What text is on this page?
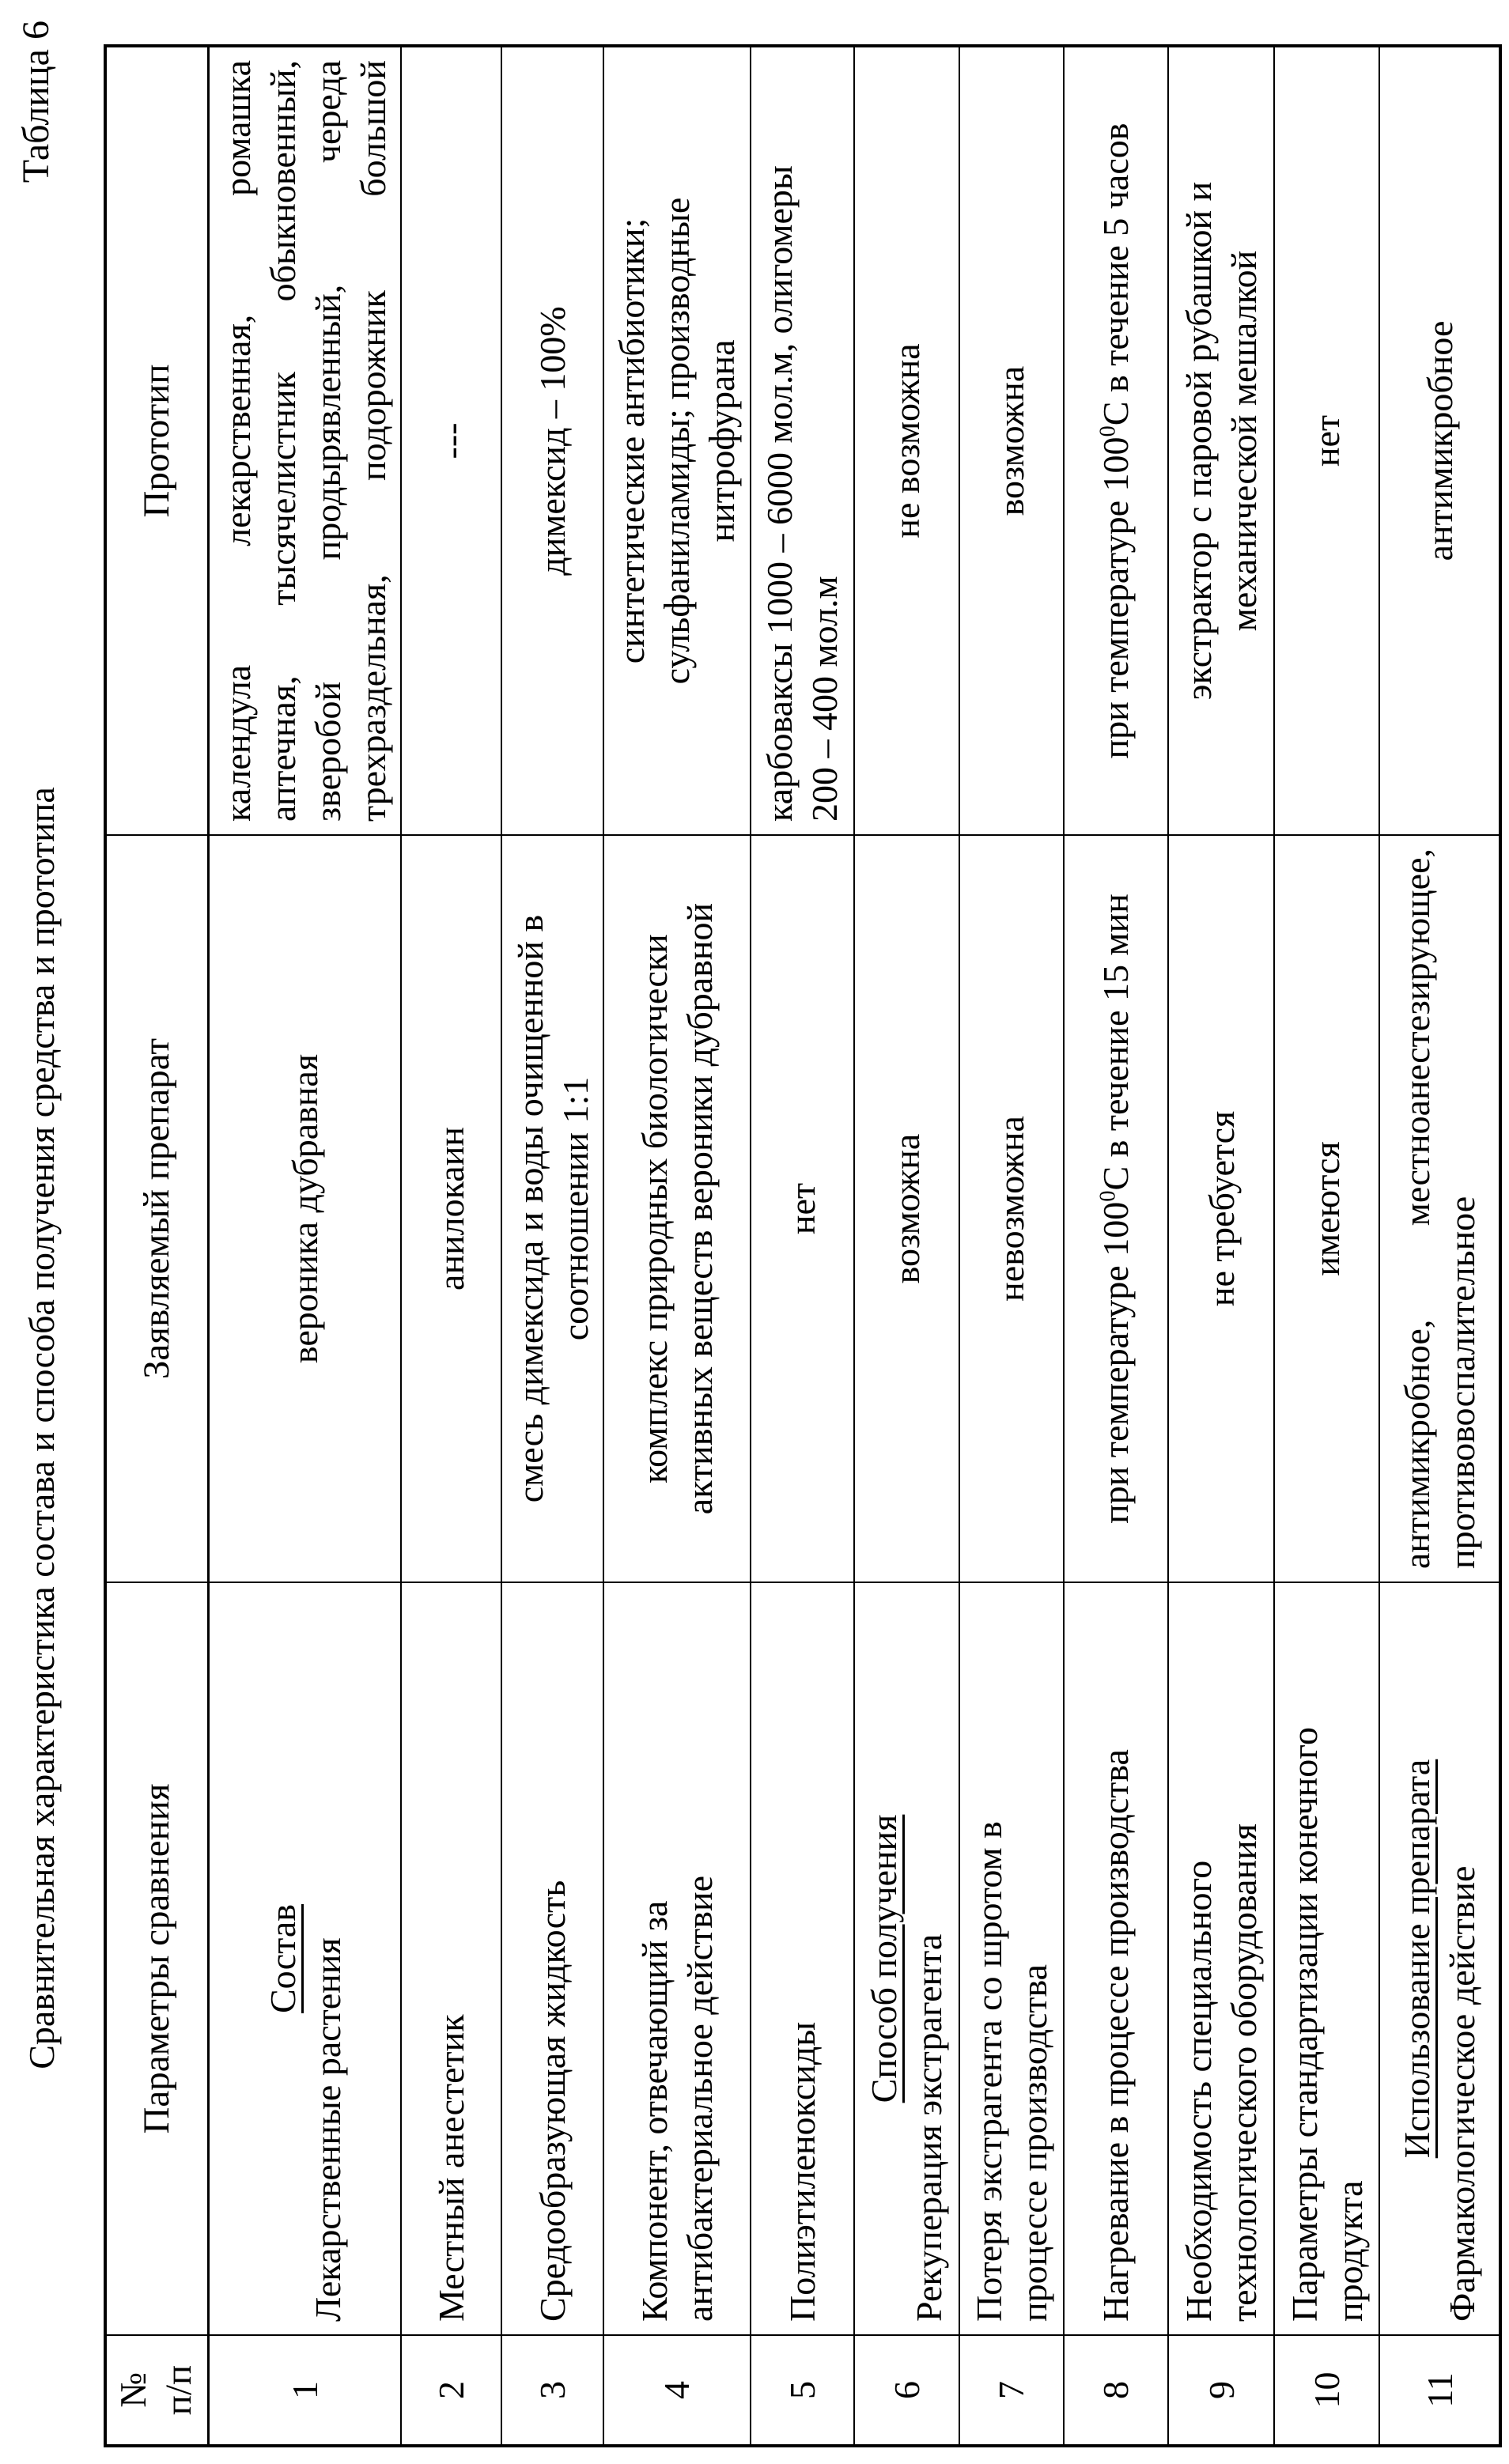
Таблица 6
Сравнительная характеристика состава и способа получения средства и прототипа
№
п/п	Параметры сравнения	Заявляемый препарат	Прототип
1	Состав Лекарственные растения	вероника дубравная	календула лекарственная, ромашка
аптечная, тысячелистник обыкновенный,
зверобой продырявленный, череда
трехраздельная, подорожник большой
2	Местный анестетик	анилокаин	---
3	Средообразующая жидкость	смесь димексида и воды очищенной в
соотношении 1:1	димексид – 100%
4	Компонент, отвечающий за
антибактериальное действие	комплекс природных биологически
активных веществ вероники дубравной	синтетические антибиотики;
сульфаниламиды; производные
нитрофурана
5	Полиэтиленоксиды	нет	карбоваксы 1000 – 6000 мол.м, олигомеры
200 – 400 мол.м
6	Способ получения Рекуперация экстрагента	возможна	не возможна
7	Потеря экстрагента со шротом в
процессе производства	невозможна	возможна
8	Нагревание в процессе производства	при температуре $100^0С$ в течение 15 мин	при температуре $100^0С$ в течение 5 часов
9	Необходимость специального
технологического оборудования	не требуется	экстрактор с паровой рубашкой и
механической мешалкой
10	Параметры стандартизации конечного
продукта	имеются	нет
11	Использование препарата Фармакологическое действие	антимикробное, местноанестезирующее,
противовоспалительное	антимикробное
